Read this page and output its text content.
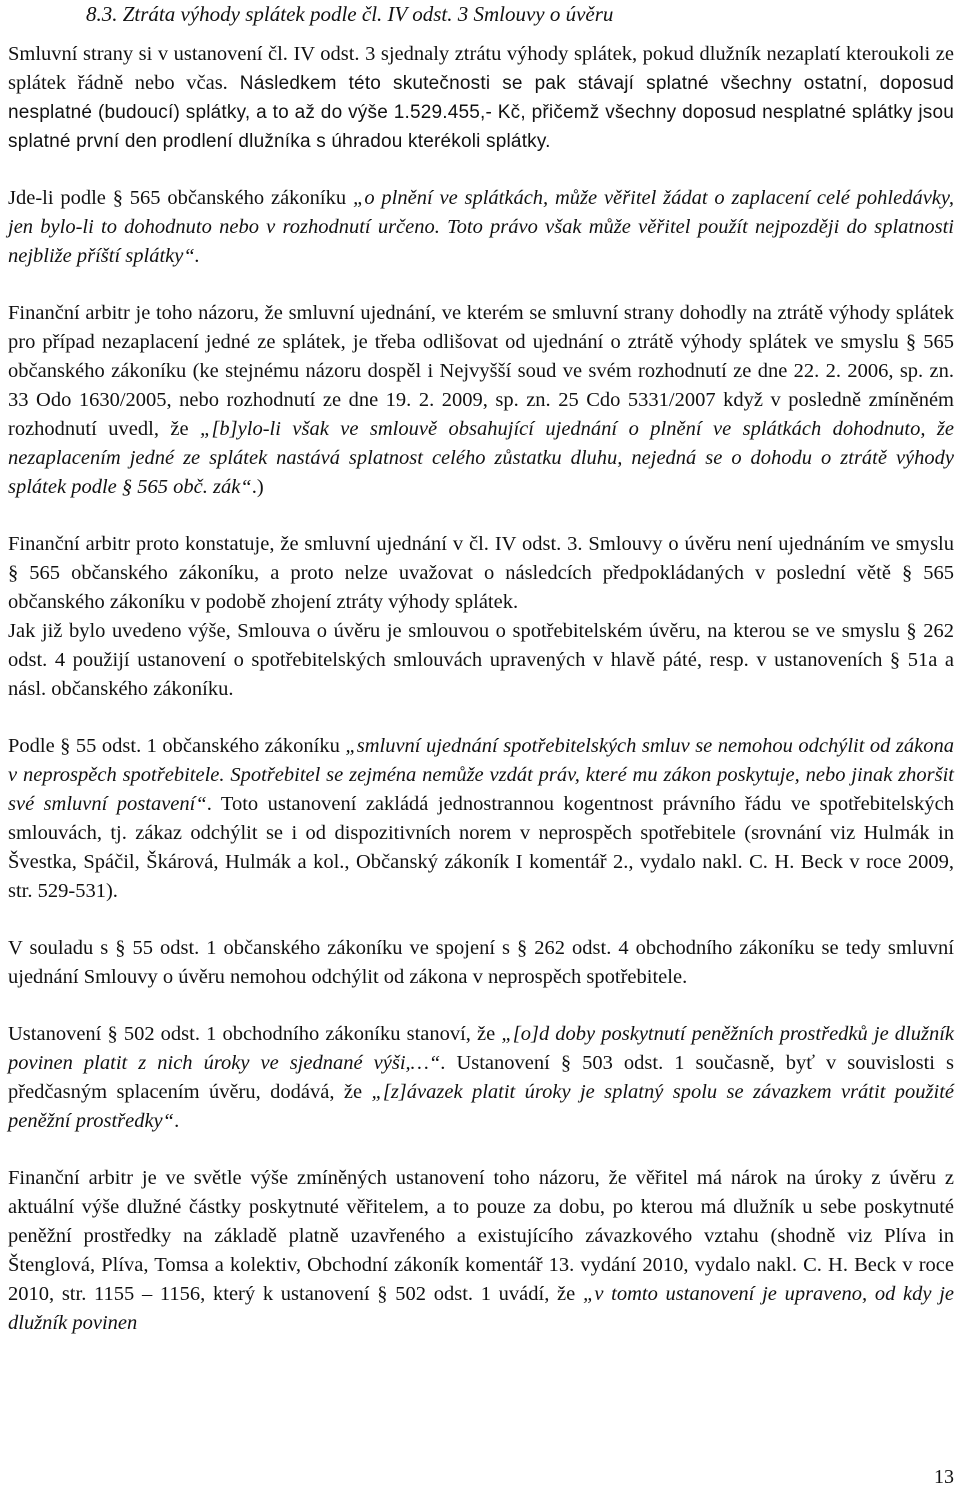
8.3. Ztráta výhody splátek podle čl. IV odst. 3 Smlouvy o úvěru

Smluvní strany si v ustanovení čl. IV odst. 3 sjednaly ztrátu výhody splátek, pokud dlužník nezaplatí kteroukoli ze splátek řádně nebo včas. Následkem této skutečnosti se pak stávají splatné všechny ostatní, doposud nesplatné (budoucí) splátky, a to až do výše 1.529.455,- Kč, přičemž všechny doposud nesplatné splátky jsou splatné první den prodlení dlužníka s úhradou kterékoli splátky.

Jde-li podle § 565 občanského zákoníku „o plnění ve splátkách, může věřitel žádat o zaplacení celé pohledávky, jen bylo-li to dohodnuto nebo v rozhodnutí určeno. Toto právo však může věřitel použít nejpozději do splatnosti nejbliže příští splátky“.

Finanční arbitr je toho názoru, že smluvní ujednání, ve kterém se smluvní strany dohodly na ztrátě výhody splátek pro případ nezaplacení jedné ze splátek, je třeba odlišovat od ujednání o ztrátě výhody splátek ve smyslu § 565 občanského zákoníku (ke stejnému názoru dospěl i Nejvyšší soud ve svém rozhodnutí ze dne 22. 2. 2006, sp. zn. 33 Odo 1630/2005, nebo rozhodnutí ze dne 19. 2. 2009, sp. zn. 25 Cdo 5331/2007 když v posledně zmíněném rozhodnutí uvedl, že „[b]ylo-li však ve smlouvě obsahující ujednání o plnění ve splátkách dohodnuto, že nezaplacením jedné ze splátek nastává splatnost celého zůstatku dluhu, nejedná se o dohodu o ztrátě výhody splátek podle § 565 obč. zák“.)

Finanční arbitr proto konstatuje, že smluvní ujednání v čl. IV odst. 3. Smlouvy o úvěru není ujednáním ve smyslu § 565 občanského zákoníku, a proto nelze uvažovat o následcích předpokládaných v poslední větě § 565 občanského zákoníku v podobě zhojení ztráty výhody splátek.

Jak již bylo uvedeno výše, Smlouva o úvěru je smlouvou o spotřebitelském úvěru, na kterou se ve smyslu § 262 odst. 4 použijí ustanovení o spotřebitelských smlouvách upravených v hlavě páté, resp. v ustanoveních § 51a a násl. občanského zákoníku.

Podle § 55 odst. 1 občanského zákoníku „smluvní ujednání spotřebitelských smluv se nemohou odchýlit od zákona v neprospěch spotřebitele. Spotřebitel se zejména nemůže vzdát práv, které mu zákon poskytuje, nebo jinak zhoršit své smluvní postavení“. Toto ustanovení zakládá jednostrannou kogentnost právního řádu ve spotřebitelských smlouvách, tj. zákaz odchýlit se i od dispozitivních norem v neprospěch spotřebitele (srovnání viz Hulmák in Švestka, Spáčil, Škárová, Hulmák a kol., Občanský zákoník I komentář 2., vydalo nakl. C. H. Beck v roce 2009, str. 529-531).

V souladu s § 55 odst. 1 občanského zákoníku ve spojení s § 262 odst. 4 obchodního zákoníku se tedy smluvní ujednání Smlouvy o úvěru nemohou odchýlit od zákona v neprospěch spotřebitele.

Ustanovení § 502 odst. 1 obchodního zákoníku stanoví, že „[o]d doby poskytnutí peněžních prostředků je dlužník povinen platit z nich úroky ve sjednané výši,…“. Ustanovení § 503 odst. 1 současně, byť v souvislosti s předčasným splacením úvěru, dodává, že „[z]ávazek platit úroky je splatný spolu se závazkem vrátit použité peněžní prostředky“.

Finanční arbitr je ve světle výše zmíněných ustanovení toho názoru, že věřitel má nárok na úroky z úvěru z aktuální výše dlužné částky poskytnuté věřitelem, a to pouze za dobu, po kterou má dlužník u sebe poskytnuté peněžní prostředky na základě platně uzavřeného a existujícího závazkového vztahu (shodně viz Plíva in Štenglová, Plíva, Tomsa a kolektiv, Obchodní zákoník komentář 13. vydání 2010, vydalo nakl. C. H. Beck v roce 2010, str. 1155 – 1156, který k ustanovení § 502 odst. 1 uvádí, že „v tomto ustanovení je upraveno, od kdy je dlužník povinen

13
